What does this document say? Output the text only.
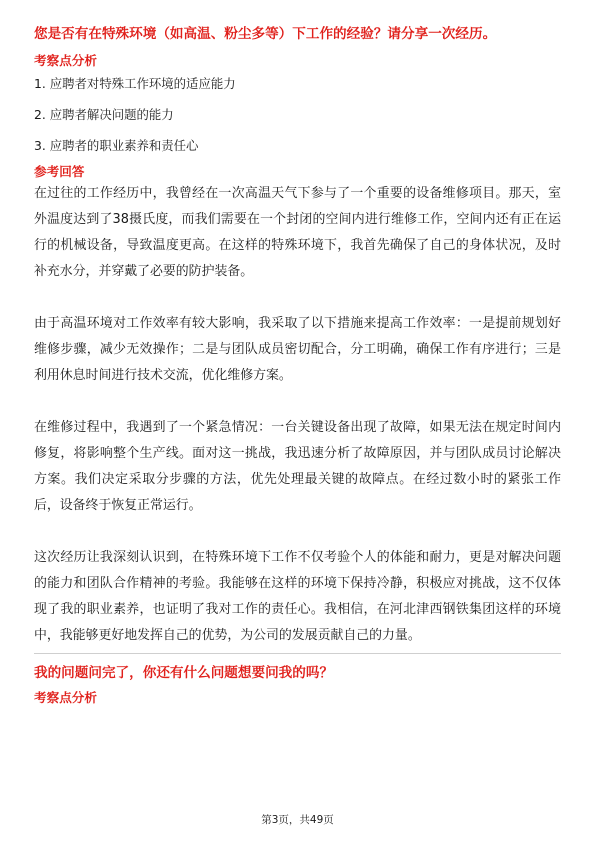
您是否有在特殊环境（如高温、粉尘多等）下工作的经验？请分享一次经历。
考察点分析
1. 应聘者对特殊工作环境的适应能力
2. 应聘者解决问题的能力
3. 应聘者的职业素养和责任心
参考回答

在过往的工作经历中，我曾经在一次高温天气下参与了一个重要的设备维修项目。那天，室外温度达到了38摄氏度，而我们需要在一个封闭的空间内进行维修工作，空间内还有正在运行的机械设备，导致温度更高。在这样的特殊环境下，我首先确保了自己的身体状况，及时补充水分，并穿戴了必要的防护装备。

由于高温环境对工作效率有较大影响，我采取了以下措施来提高工作效率：一是提前规划好维修步骤，减少无效操作；二是与团队成员密切配合，分工明确，确保工作有序进行；三是利用休息时间进行技术交流，优化维修方案。

在维修过程中，我遇到了一个紧急情况：一台关键设备出现了故障，如果无法在规定时间内修复，将影响整个生产线。面对这一挑战，我迅速分析了故障原因，并与团队成员讨论解决方案。我们决定采取分步骤的方法，优先处理最关键的故障点。在经过数小时的紧张工作后，设备终于恢复正常运行。

这次经历让我深刻认识到，在特殊环境下工作不仅考验个人的体能和耐力，更是对解决问题的能力和团队合作精神的考验。我能够在这样的环境下保持冷静，积极应对挑战，这不仅体现了我的职业素养，也证明了我对工作的责任心。我相信，在河北津西钢铁集团这样的环境中，我能够更好地发挥自己的优势，为公司的发展贡献自己的力量。

我的问题问完了，你还有什么问题想要问我的吗？
考察点分析
第3页，共49页
